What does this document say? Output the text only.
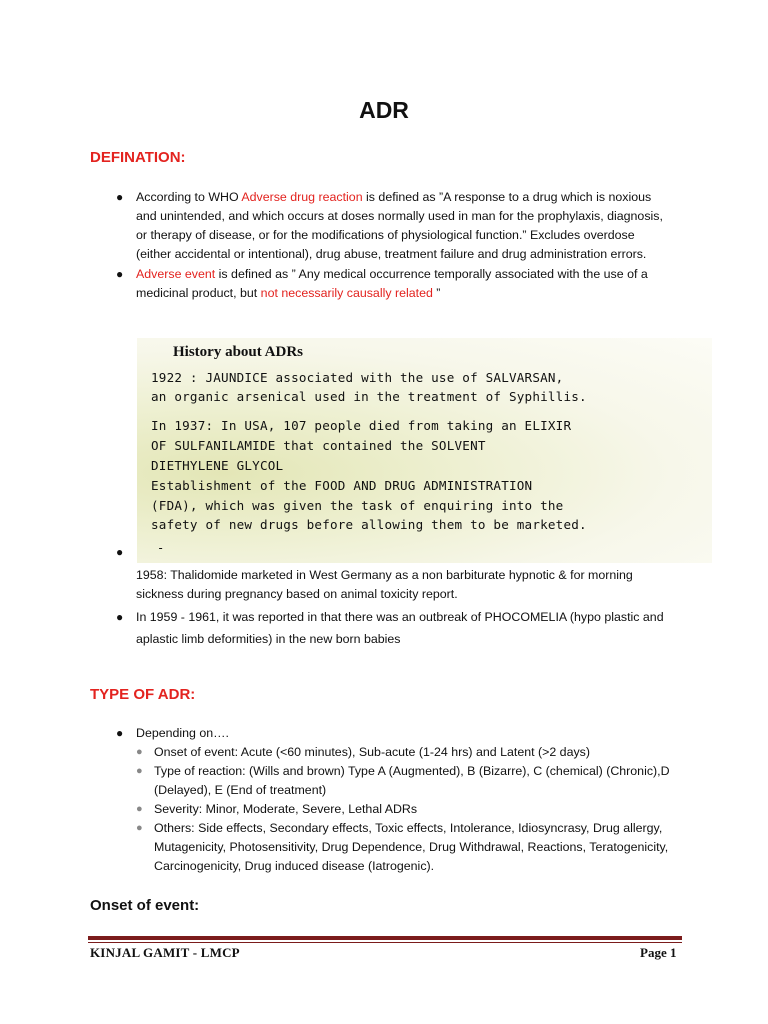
ADR
DEFINATION:
● According to WHO Adverse drug reaction is defined as ”A response to a drug which is noxious and unintended, and which occurs at doses normally used in man for the prophylaxis, diagnosis, or therapy of disease, or for the modifications of physiological function.” Excludes overdose (either accidental or intentional), drug abuse, treatment failure and drug administration errors.
● Adverse event is defined as ” Any medical occurrence temporally associated with the use of a medicinal product, but not necessarily causally related ”
History about ADRs
1922 : JAUNDICE associated with the use of SALVARSAN,
an organic arsenical used in the treatment of Syphillis.
In 1937: In USA, 107 people died from taking an ELIXIR
OF SULFANILAMIDE that contained the SOLVENT
DIETHYLENE GLYCOL
Establishment of the FOOD AND DRUG ADMINISTRATION
(FDA), which was given the task of enquiring into the
safety of new drugs before allowing them to be marketed.
-
●
1958: Thalidomide marketed in West Germany as a non barbiturate hypnotic & for morning sickness during pregnancy based on animal toxicity report.
● In 1959 - 1961, it was reported in that there was an outbreak of PHOCOMELIA (hypo plastic and aplastic limb deformities) in the new born babies
TYPE OF ADR:
● Depending on….
● Onset of event: Acute (<60 minutes), Sub-acute (1-24 hrs) and Latent (>2 days)
● Type of reaction: (Wills and brown) Type A (Augmented), B (Bizarre), C (chemical) (Chronic),D (Delayed), E (End of treatment)
● Severity: Minor, Moderate, Severe, Lethal ADRs
● Others: Side effects, Secondary effects, Toxic effects, Intolerance, Idiosyncrasy, Drug allergy, Mutagenicity, Photosensitivity, Drug Dependence, Drug Withdrawal, Reactions, Teratogenicity, Carcinogenicity, Drug induced disease (Iatrogenic).
Onset of event:
KINJAL GAMIT - LMCP	Page 1
